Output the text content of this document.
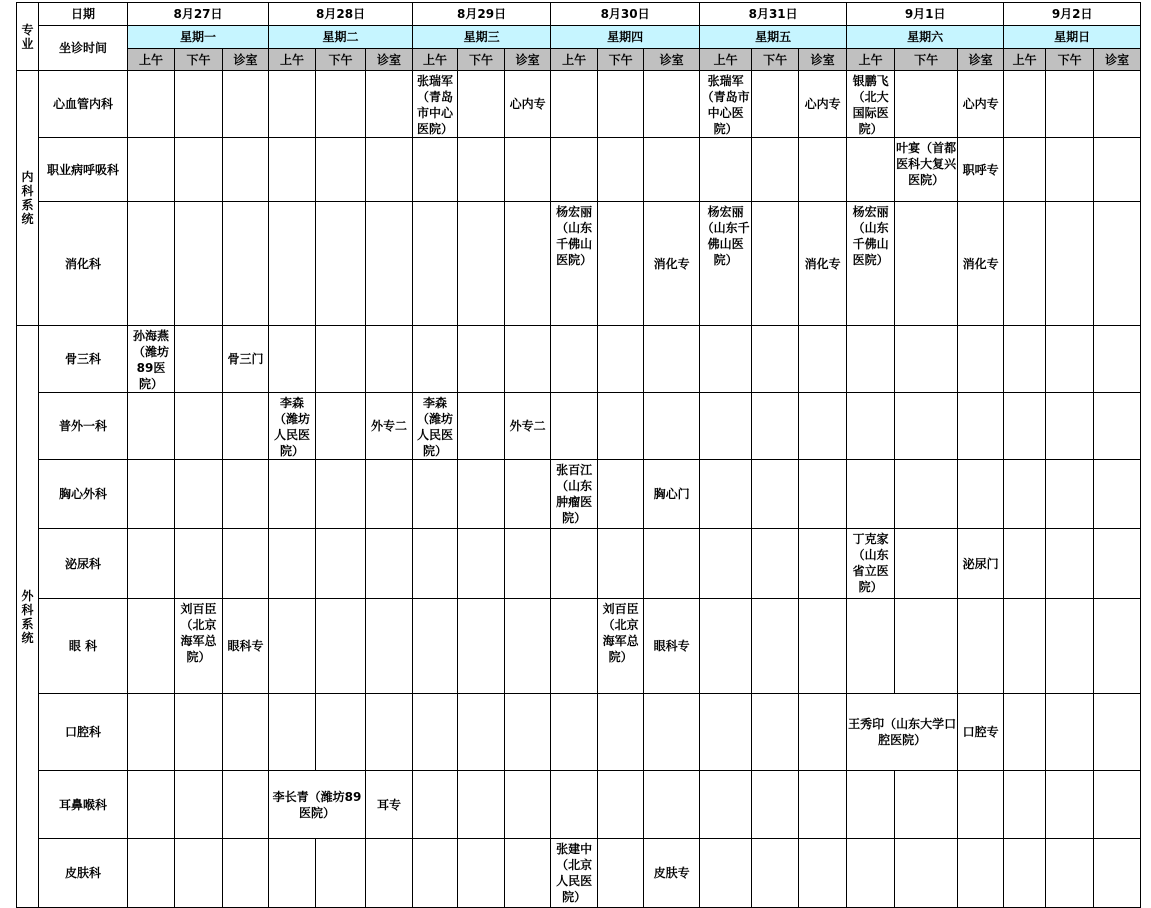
专业	日期	8月27日			8月28日			8月29日			8月30日			8月31日			9月1日			9月2日		
	坐诊时间	星期一			星期二			星期三			星期四			星期五			星期六			星期日		
		上午	下午	诊室	上午	下午	诊室	上午	下午	诊室	上午	下午	诊室	上午	下午	诊室	上午	下午	诊室	上午	下午	诊室
内科系统	心血管内科							张瑞军（青岛市中心医院）		心内专				张瑞军（青岛市中心医院）		心内专	银鹏飞（北大国际医院）		心内专			
	职业病呼吸科																	叶宴（首都医科大复兴医院）	职呼专			
	消化科										杨宏丽（山东千佛山医院）		消化专	杨宏丽（山东千佛山医院）		消化专	杨宏丽（山东千佛山医院）		消化专			
外科系统	骨三科	孙海燕（潍坊89医院）		骨三门																		
	普外一科				李森（潍坊人民医院）		外专二	李森（潍坊人民医院）		外专二												
	胸心外科										张百江（山东肿瘤医院）		胸心门									
	泌尿科																丁克家（山东省立医院）		泌尿门			
	眼 科		刘百臣（北京海军总院）	眼科专								刘百臣（北京海军总院）	眼科专									
	口腔科																王秀印（山东大学口腔医院）		口腔专			
	耳鼻喉科				李长青（潍坊89医院）		耳专															
	皮肤科										张建中（北京人民医院）		皮肤专									
